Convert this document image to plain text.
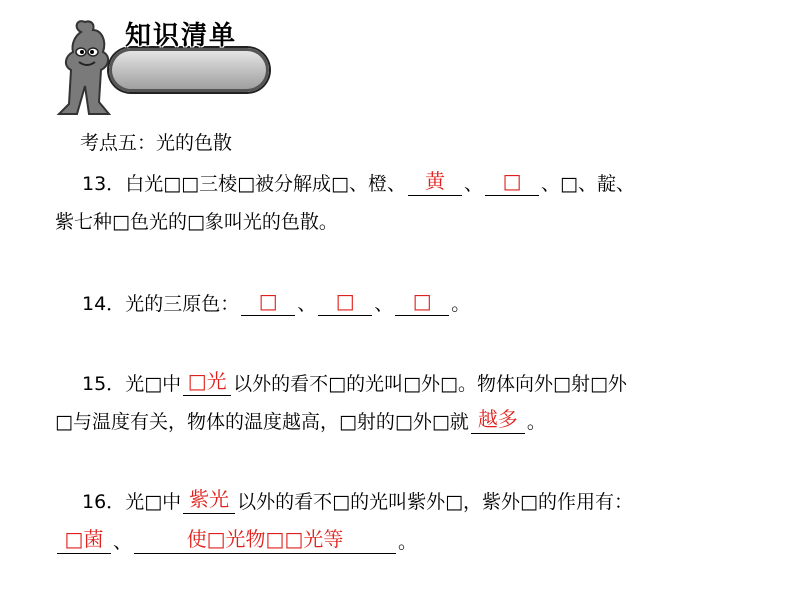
知识清单
考点五：光的色散
13．白光□□三棱□被分解成□、橙、 黄	、 □	、□、靛、
紫七种□色光的□象叫光的色散。
14．光的三原色： □	、 □	、 □	。
15．光□中 □光 以外的看不□的光叫□外□。物体向外□射□外
□与温度有关，物体的温度越高，□射的□外□就 越多 。
16．光□中 紫光 以外的看不□的光叫紫外□，紫外□的作用有：
□菌 、	使□光物□□光等	。
